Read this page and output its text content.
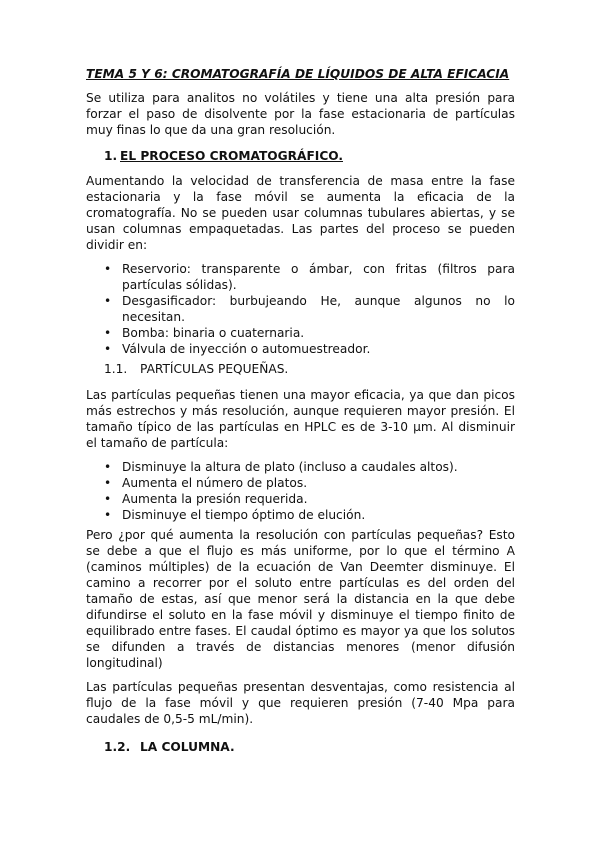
TEMA 5 Y 6: CROMATOGRAFÍA DE LÍQUIDOS DE ALTA EFICACIA

Se utiliza para analitos no volátiles y tiene una alta presión para forzar el paso de disolvente por la fase estacionaria de partículas muy finas lo que da una gran resolución.

1. EL PROCESO CROMATOGRÁFICO.

Aumentando la velocidad de transferencia de masa entre la fase estacionaria y la fase móvil se aumenta la eficacia de la cromatografía. No se pueden usar columnas tubulares abiertas, y se usan columnas empaquetadas. Las partes del proceso se pueden dividir en:

• Reservorio: transparente o ámbar, con fritas (filtros para partículas sólidas).
• Desgasificador: burbujeando He, aunque algunos no lo necesitan.
• Bomba: binaria o cuaternaria.
• Válvula de inyección o automuestreador.
1.1. PARTÍCULAS PEQUEÑAS.

Las partículas pequeñas tienen una mayor eficacia, ya que dan picos más estrechos y más resolución, aunque requieren mayor presión. El tamaño típico de las partículas en HPLC es de 3-10 µm. Al disminuir el tamaño de partícula:

• Disminuye la altura de plato (incluso a caudales altos).
• Aumenta el número de platos.
• Aumenta la presión requerida.
• Disminuye el tiempo óptimo de elución.

Pero ¿por qué aumenta la resolución con partículas pequeñas? Esto se debe a que el flujo es más uniforme, por lo que el término A (caminos múltiples) de la ecuación de Van Deemter disminuye. El camino a recorrer por el soluto entre partículas es del orden del tamaño de estas, así que menor será la distancia en la que debe difundirse el soluto en la fase móvil y disminuye el tiempo finito de equilibrado entre fases. El caudal óptimo es mayor ya que los solutos se difunden a través de distancias menores (menor difusión longitudinal)

Las partículas pequeñas presentan desventajas, como resistencia al flujo de la fase móvil y que requieren presión (7-40 Mpa para caudales de 0,5-5 mL/min).

1.2. LA COLUMNA.
